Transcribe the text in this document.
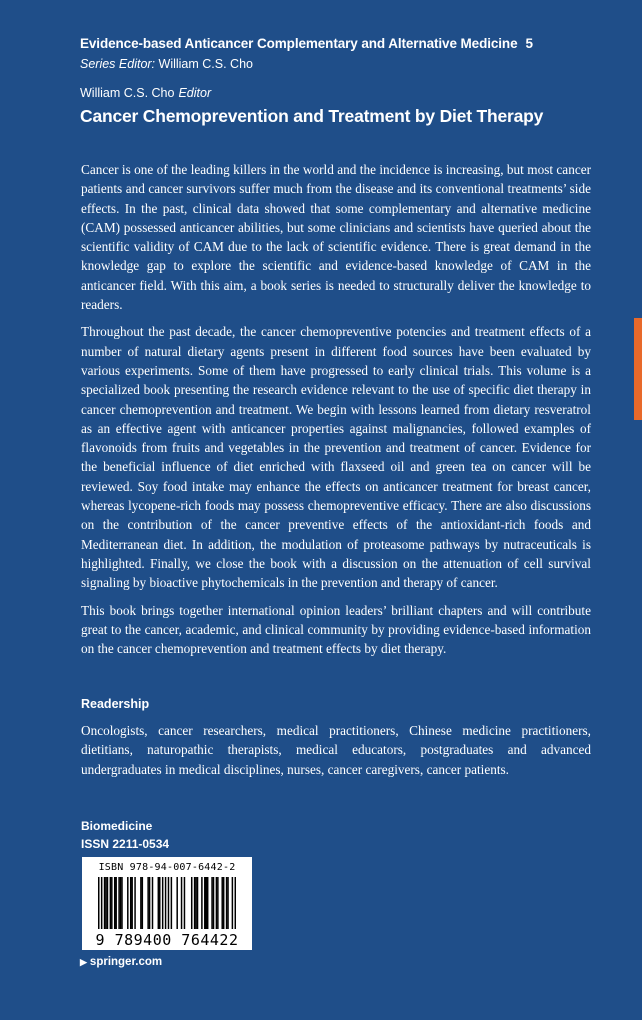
Evidence-based Anticancer Complementary and Alternative Medicine 5
Series Editor: William C.S. Cho
William C.S. Cho Editor
Cancer Chemoprevention and Treatment by Diet Therapy

Cancer is one of the leading killers in the world and the incidence is increasing, but most cancer patients and cancer survivors suffer much from the disease and its conventional treatments’ side effects. In the past, clinical data showed that some complementary and alternative medicine (CAM) possessed anticancer abilities, but some clinicians and scientists have queried about the scientific validity of CAM due to the lack of scientific evidence. There is great demand in the knowledge gap to explore the scientific and evidence-based knowledge of CAM in the anticancer field. With this aim, a book series is needed to structurally deliver the knowledge to readers.

Throughout the past decade, the cancer chemopreventive potencies and treatment effects of a number of natural dietary agents present in different food sources have been evaluated by various experiments. Some of them have progressed to early clinical trials. This volume is a specialized book presenting the research evidence relevant to the use of specific diet therapy in cancer chemoprevention and treatment. We begin with lessons learned from dietary resveratrol as an effective agent with anticancer properties against malignancies, followed examples of flavonoids from fruits and vegetables in the prevention and treatment of cancer. Evidence for the beneficial influence of diet enriched with flaxseed oil and green tea on cancer will be reviewed. Soy food intake may enhance the effects on anticancer treatment for breast cancer, whereas lycopene-rich foods may possess chemopreventive efficacy. There are also discussions on the contribution of the cancer preventive effects of the antioxidant-rich foods and Mediterranean diet. In addition, the modulation of proteasome pathways by nutraceuticals is highlighted. Finally, we close the book with a discussion on the attenuation of cell survival signaling by bioactive phytochemicals in the prevention and therapy of cancer.

This book brings together international opinion leaders’ brilliant chapters and will contribute great to the cancer, academic, and clinical community by providing evidence-based information on the cancer chemoprevention and treatment effects by diet therapy.

Readership

Oncologists, cancer researchers, medical practitioners, Chinese medicine practitioners, dietitians, naturopathic therapists, medical educators, postgraduates and advanced undergraduates in medical disciplines, nurses, cancer caregivers, cancer patients.

Biomedicine
ISSN 2211-0534
ISBN 978-94-007-6442-2
9 789400 764422
▶ springer.com
